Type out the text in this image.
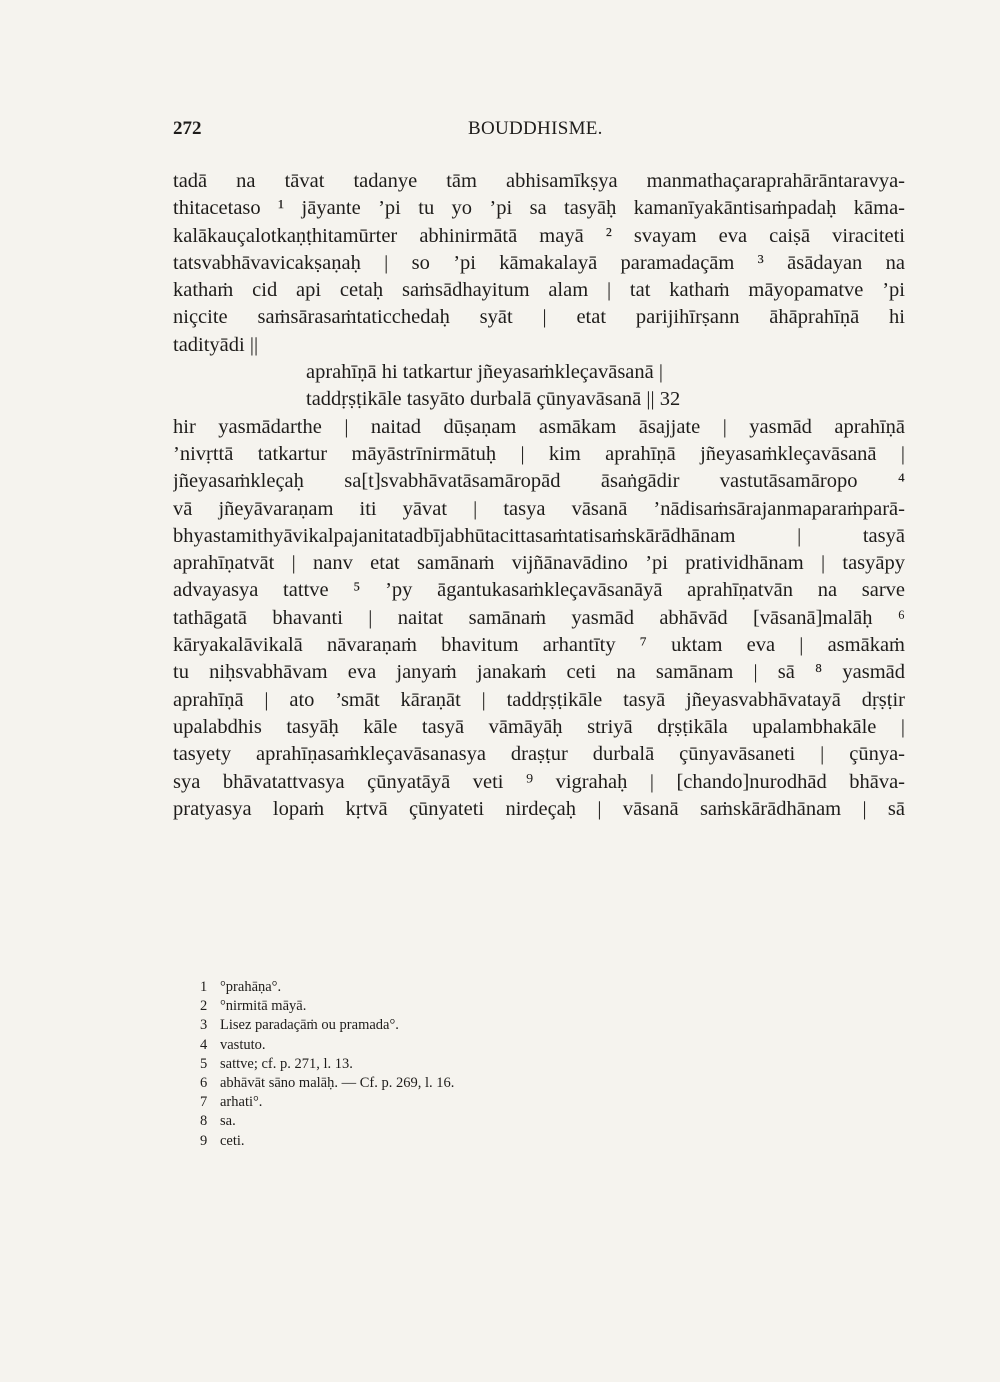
272	BOUDDHISME.
tadā na tāvat tadanye tām abhisamīkṣya manmathaçaraprahārāntaravya-
thitacetaso ¹ jāyante ’pi tu yo ’pi sa tasyāḥ kamanīyakāntisaṁpadaḥ kāma-
kalākauçalotkaṇṭhitamūrter abhinirmātā mayā ² svayam eva caiṣā viraciteti
tatsvabhāvavicakṣaṇaḥ | so ’pi kāmakalayā paramadaçām ³ āsādayan na
kathaṁ cid api cetaḥ saṁsādhayitum alam | tat kathaṁ māyopamatve ’pi
niçcite saṁsārasaṁtaticchedaḥ syāt | etat parijihīrṣann āhāprahīṇā hi
tadityādi ||
aprahīṇā hi tatkartur jñeyasaṁkleçavāsanā |
taddṛṣṭikāle tasyāto durbalā çūnyavāsanā || 32
hir yasmādarthe | naitad dūṣaṇam asmākam āsajjate | yasmād aprahīṇā
’nivṛttā tatkartur māyāstrīnirmātuḥ | kim aprahīṇā jñeyasaṁkleçavāsanā |
jñeyasaṁkleçaḥ sa[t]svabhāvatāsamāropād āsaṅgādir vastutāsamāropo ⁴
vā jñeyāvaraṇam iti yāvat | tasya vāsanā ’nādisaṁsārajanmaparaṁparā-
bhyastamithyāvikalpajanitatadbījabhūtacittasaṁtatisaṁskārādhānam | tasyā
aprahīṇatvāt | nanv etat samānaṁ vijñānavādino ’pi pratividhānam | tasyāpy
advayasya tattve ⁵ ’py āgantukasaṁkleçavāsanāyā aprahīṇatvān na sarve
tathāgatā bhavanti | naitat samānaṁ yasmād abhāvād [vāsanā]malāḥ ⁶
kāryakalāvikalā nāvaraṇaṁ bhavitum arhantīty ⁷ uktam eva | asmākaṁ
tu niḥsvabhāvam eva janyaṁ janakaṁ ceti na samānam | sā ⁸ yasmād
aprahīṇā | ato ’smāt kāraṇāt | taddṛṣṭikāle tasyā jñeyasvabhāvatayā dṛṣṭir
upalabdhis tasyāḥ kāle tasyā vāmāyāḥ striyā dṛṣṭikāla upalambhakāle |
tasyety aprahīṇasaṁkleçavāsanasya draṣṭur durbalā çūnyavāsaneti | çūnya-
sya bhāvatattvasya çūnyatāyā veti ⁹ vigrahaḥ | [chando]nurodhād bhāva-
pratyasya lopaṁ kṛtvā çūnyateti nirdeçaḥ | vāsanā saṁskārādhānam | sā
1 °prahāṇa°.
2 °nirmitā māyā.
3 Lisez paradaçāṁ ou pramada°.
4 vastuto.
5 sattve; cf. p. 271, l. 13.
6 abhāvāt sāno malāḥ. — Cf. p. 269, l. 16.
7 arhati°.
8 sa.
9 ceti.
